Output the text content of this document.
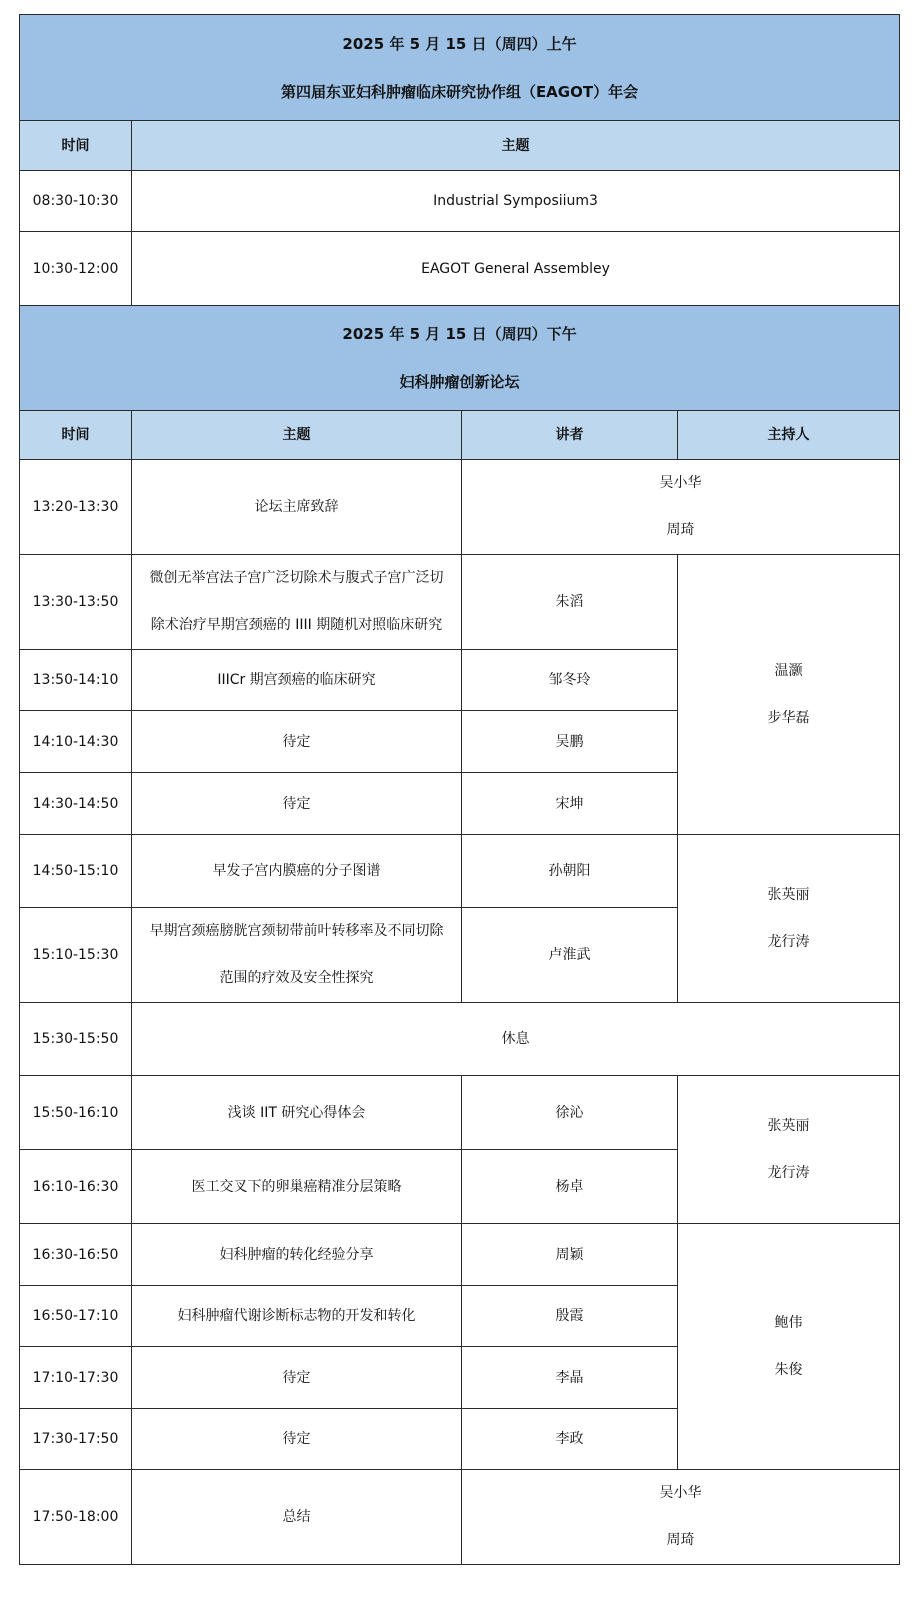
2025 年 5 月 15 日（周四）上午
第四届东亚妇科肿瘤临床研究协作组（EAGOT）年会			

时间	主题		
08:30-10:30	Industrial Symposiium3		
10:30-12:00	EAGOT General Assembley		

2025 年 5 月 15 日（周四）下午
妇科肿瘤创新论坛			

时间	主题	讲者	主持人
13:20-13:30	论坛主席致辞	吴小华
周琦	

13:30-13:50	微创无举宫法子宫广泛切除术与腹式子宫广泛切
除术治疗早期宫颈癌的 IIII 期随机对照临床研究	朱滔	温灏
步华磊

13:50-14:10	IIICr 期宫颈癌的临床研究	邹冬玲	
14:10-14:30	待定	吴鹏	
14:30-14:50	待定	宋坤	
14:50-15:10	早发子宫内膜癌的分子图谱	孙朝阳	张英丽
龙行涛

15:10-15:30	早期宫颈癌膀胱宫颈韧带前叶转移率及不同切除
范围的疗效及安全性探究	卢淮武	
15:30-15:50	休息		
15:50-16:10	浅谈 IIT 研究心得体会	徐沁	张英丽
龙行涛

16:10-16:30	医工交叉下的卵巢癌精准分层策略	杨卓	
16:30-16:50	妇科肿瘤的转化经验分享	周颖	鲍伟
朱俊

16:50-17:10	妇科肿瘤代谢诊断标志物的开发和转化	殷霞	
17:10-17:30	待定	李晶	
17:30-17:50	待定	李政	
17:50-18:00	总结	吴小华
周琦	
